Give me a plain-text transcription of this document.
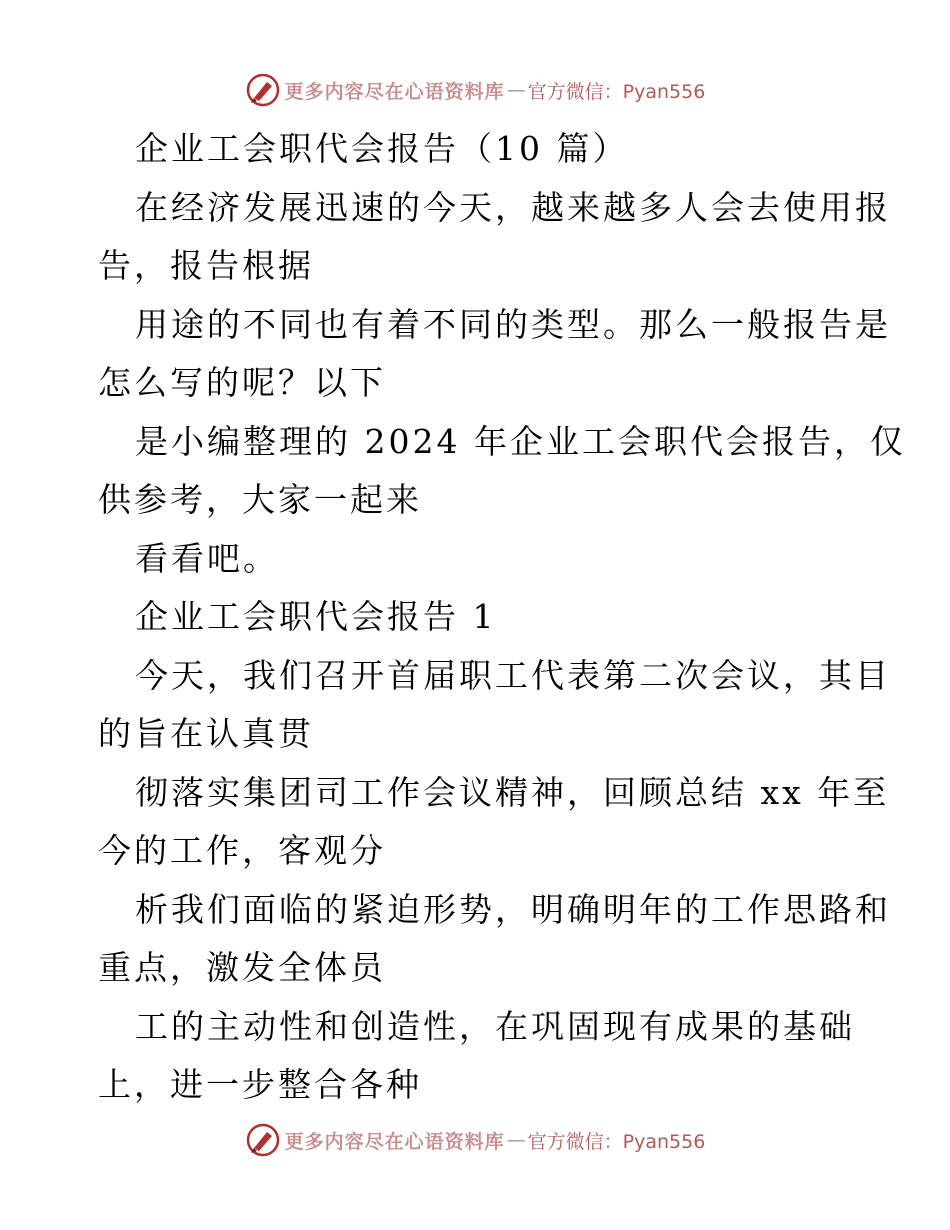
更多内容尽在心语资料库 — 官方微信：Pyan556
企业工会职代会报告（10 篇）
在经济发展迅速的今天，越来越多人会去使用报
告，报告根据
用途的不同也有着不同的类型。那么一般报告是
怎么写的呢？以下
是小编整理的 2024 年企业工会职代会报告，仅
供参考，大家一起来
看看吧。
企业工会职代会报告 1
今天，我们召开首届职工代表第二次会议，其目
的旨在认真贯
彻落实集团司工作会议精神，回顾总结 xx 年至
今的工作，客观分
析我们面临的紧迫形势，明确明年的工作思路和
重点，激发全体员
工的主动性和创造性，在巩固现有成果的基础
上，进一步整合各种
更多内容尽在心语资料库 — 官方微信：Pyan556
